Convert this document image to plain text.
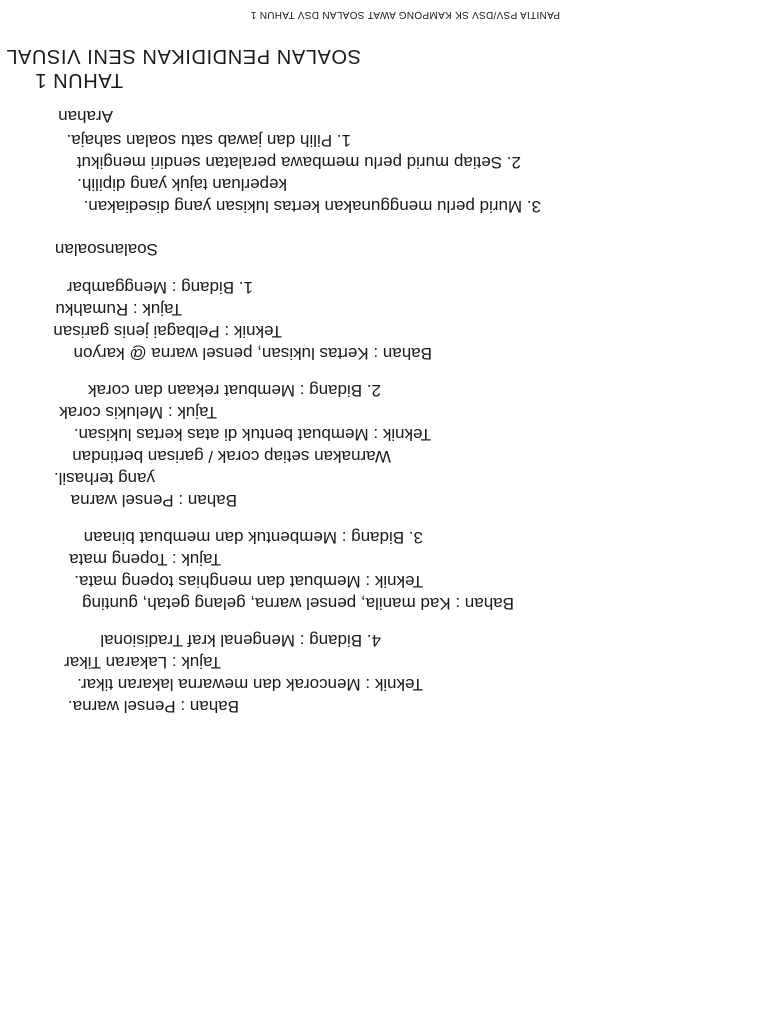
PANITIA PSV/DSV SK KAMPONG AWAT SOALAN DSV TAHUN 1
SOALAN PENDIDIKAN SENI VISUAL
TAHUN 1
Arahan
1. Pilih dan jawab satu soalan sahaja.
2. Setiap murid perlu membawa peralatan sendiri mengikut
keperluan tajuk yang dipilih.
3. Murid perlu menggunakan kertas lukisan yang disediakan.
Soalansoalan
1. Bidang : Menggambar
Tajuk : Rumahku
Teknik : Pelbagai jenis garisan
Bahan : Kertas lukisan, pensel warna @ karyon
2. Bidang : Membuat rekaan dan corak
Tajuk : Melukis corak
Teknik : Membuat bentuk di atas kertas lukisan.
Warnakan setiap corak / garisan bertindan
yang terhasil.
Bahan : Pensel warna
3. Bidang : Membentuk dan membuat binaan
Tajuk : Topeng mata
Teknik : Membuat dan menghias topeng mata.
Bahan : Kad manila, pensel warna, gelang getah, gunting
4. Bidang : Mengenal kraf Tradisional
Tajuk : Lakaran Tikar
Teknik : Mencorak dan mewarna lakaran tikar.
Bahan : Pensel warna.
